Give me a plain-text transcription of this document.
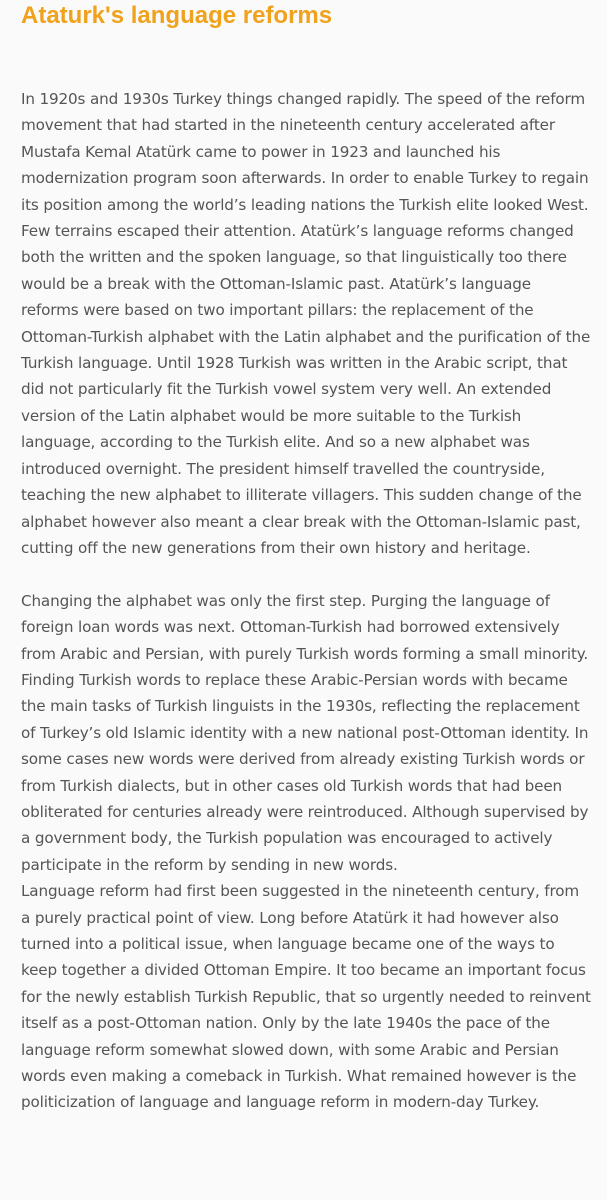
Ataturk's language reforms

In 1920s and 1930s Turkey things changed rapidly. The speed of the reform movement that had started in the nineteenth century accelerated after Mustafa Kemal Atatürk came to power in 1923 and launched his modernization program soon afterwards. In order to enable Turkey to regain its position among the world’s leading nations the Turkish elite looked West. Few terrains escaped their attention. Atatürk’s language reforms changed both the written and the spoken language, so that linguistically too there would be a break with the Ottoman-Islamic past. Atatürk’s language reforms were based on two important pillars: the replacement of the Ottoman-Turkish alphabet with the Latin alphabet and the purification of the Turkish language. Until 1928 Turkish was written in the Arabic script, that did not particularly fit the Turkish vowel system very well. An extended version of the Latin alphabet would be more suitable to the Turkish language, according to the Turkish elite. And so a new alphabet was introduced overnight. The president himself travelled the countryside, teaching the new alphabet to illiterate villagers. This sudden change of the alphabet however also meant a clear break with the Ottoman-Islamic past, cutting off the new generations from their own history and heritage.

Changing the alphabet was only the first step. Purging the language of foreign loan words was next. Ottoman-Turkish had borrowed extensively from Arabic and Persian, with purely Turkish words forming a small minority. Finding Turkish words to replace these Arabic-Persian words with became the main tasks of Turkish linguists in the 1930s, reflecting the replacement of Turkey’s old Islamic identity with a new national post-Ottoman identity. In some cases new words were derived from already existing Turkish words or from Turkish dialects, but in other cases old Turkish words that had been obliterated for centuries already were reintroduced. Although supervised by a government body, the Turkish population was encouraged to actively participate in the reform by sending in new words.

Language reform had first been suggested in the nineteenth century, from a purely practical point of view. Long before Atatürk it had however also turned into a political issue, when language became one of the ways to keep together a divided Ottoman Empire. It too became an important focus for the newly establish Turkish Republic, that so urgently needed to reinvent itself as a post-Ottoman nation. Only by the late 1940s the pace of the language reform somewhat slowed down, with some Arabic and Persian words even making a comeback in Turkish. What remained however is the politicization of language and language reform in modern-day Turkey.
